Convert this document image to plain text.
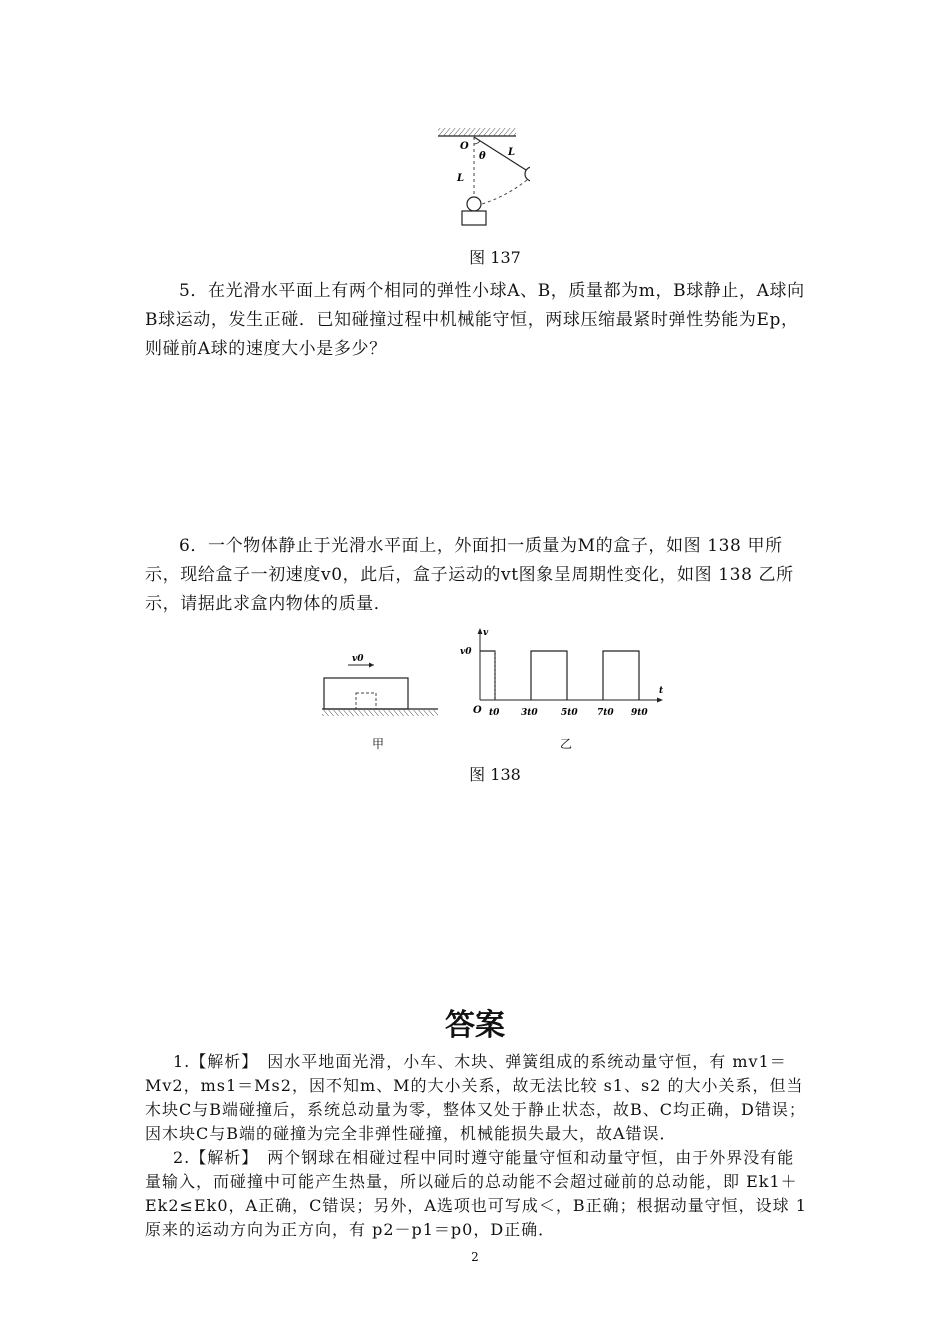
O
θ L
L
图 137
5．在光滑水平面上有两个相同的弹性小球A、B，质量都为m，B球静止，A球向B球运动，发生正碰．已知碰撞过程中机械能守恒，两球压缩最紧时弹性势能为Ep，则碰前A球的速度大小是多少？
6．一个物体静止于光滑水平面上，外面扣一质量为M的盒子，如图 138 甲所示，现给盒子一初速度v0，此后，盒子运动的vt图象呈周期性变化，如图 138 乙所示，请据此求盒内物体的质量．
v0
甲
v
t
v0
O t0 3t0	5t0 7t0 9t0
乙
图 138
答案
1.【解析】　因水平地面光滑，小车、木块、弹簧组成的系统动量守恒，有 mv1＝Mv2，ms1＝Ms2，因不知m、M的大小关系，故无法比较 s1、s2 的大小关系，但当木块C与B端碰撞后，系统总动量为零，整体又处于静止状态，故B、C均正确，D错误；因木块C与B端的碰撞为完全非弹性碰撞，机械能损失最大，故A错误．
2.【解析】　两个钢球在相碰过程中同时遵守能量守恒和动量守恒，由于外界没有能量输入，而碰撞中可能产生热量，所以碰后的总动能不会超过碰前的总动能，即 Ek1＋Ek2≤Ek0，A正确，C错误；另外，A选项也可写成＜，B正确；根据动量守恒，设球 1 原来的运动方向为正方向，有 p2－p1＝p0，D正确．
2
